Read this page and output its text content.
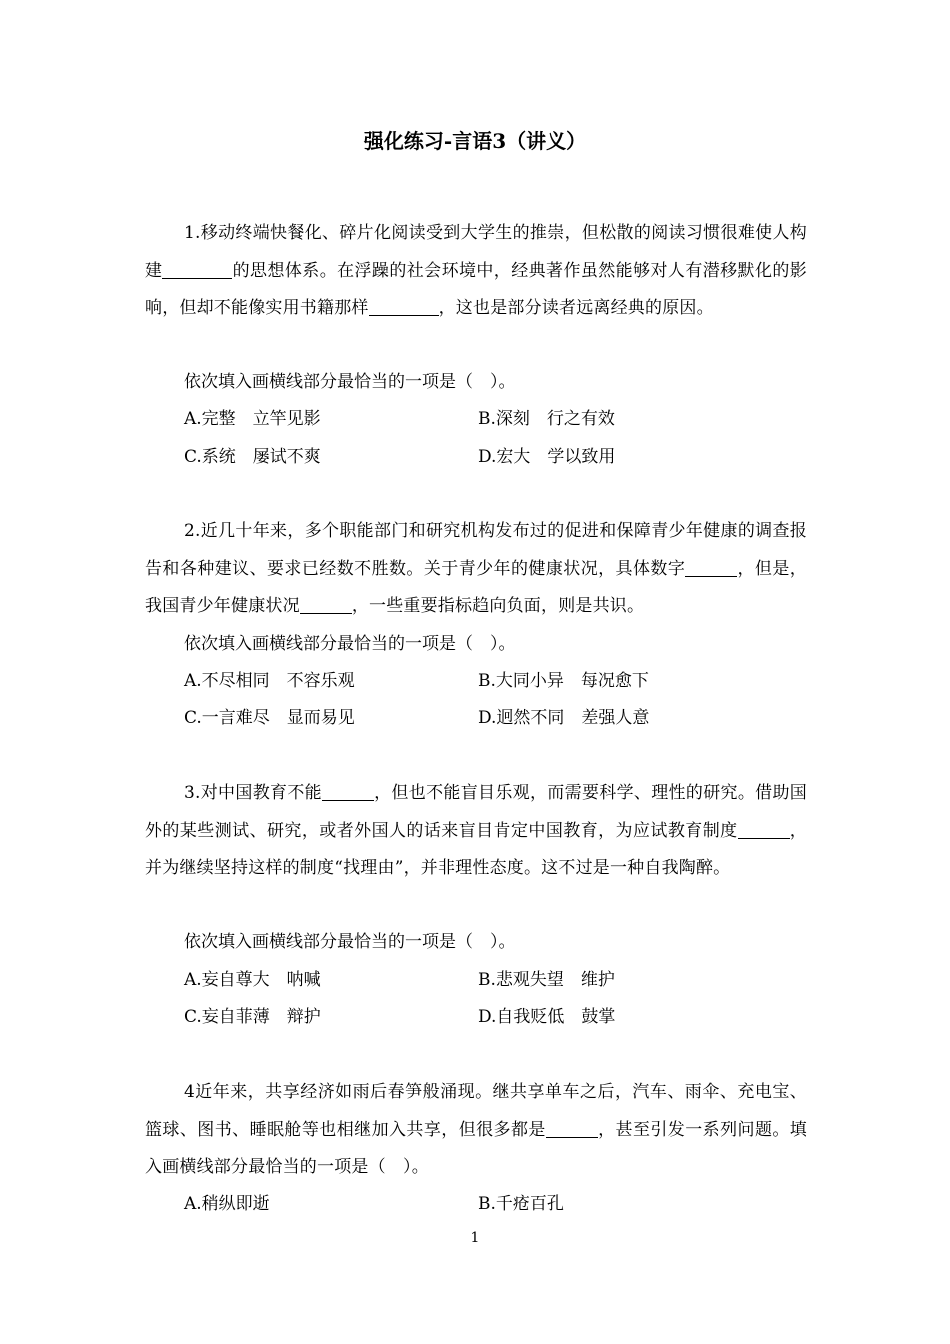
强化练习-言语3（讲义）

1.移动终端快餐化、碎片化阅读受到大学生的推崇，但松散的阅读习惯很难使人构建	的思想体系。在浮躁的社会环境中，经典著作虽然能够对人有潜移默化的影响，但却不能像实用书籍那样	，这也是部分读者远离经典的原因。

依次填入画横线部分最恰当的一项是（　）。
A.完整　立竿见影	B.深刻　行之有效
C.系统　屡试不爽	D.宏大　学以致用

2.近几十年来，多个职能部门和研究机构发布过的促进和保障青少年健康的调查报告和各种建议、要求已经数不胜数。关于青少年的健康状况，具体数字	，但是，我国青少年健康状况	，一些重要指标趋向负面，则是共识。

依次填入画横线部分最恰当的一项是（　）。
A.不尽相同　不容乐观	B.大同小异　每况愈下
C.一言难尽　显而易见	D.迥然不同　差强人意

3.对中国教育不能	，但也不能盲目乐观，而需要科学、理性的研究。借助国外的某些测试、研究，或者外国人的话来盲目肯定中国教育，为应试教育制度	，并为继续坚持这样的制度“找理由”，并非理性态度。这不过是一种自我陶醉。

依次填入画横线部分最恰当的一项是（　）。
A.妄自尊大　呐喊	B.悲观失望　维护
C.妄自菲薄　辩护	D.自我贬低　鼓掌

4近年来，共享经济如雨后春笋般涌现。继共享单车之后，汽车、雨伞、充电宝、篮球、图书、睡眠舱等也相继加入共享，但很多都是	，甚至引发一系列问题。填入画横线部分最恰当的一项是（　）。

A.稍纵即逝	B.千疮百孔
1
